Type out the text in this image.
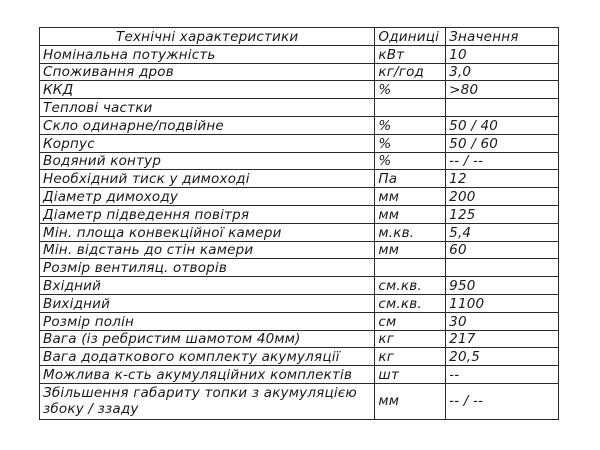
Технічні характеристики	Одиниці	Значення
Номінальна потужність	кВт	10
Споживання дров	кг/год	3,0
ККД	%	>80
Теплові частки		
Скло одинарне/подвійне	%	50 / 40
Корпус	%	50 / 60
Водяний контур	%	-- / --
Необхідний тиск у димоході	Па	12
Діаметр димоходу	мм	200
Діаметр підведення повітря	мм	125
Мін. площа конвекційної камери	м.кв.	5,4
Мін. відстань до стін камери	мм	60
Розмір вентиляц. отворів		
Вхідний	см.кв.	950
Вихідний	см.кв.	1100
Розмір полін	см	30
Вага (із ребристим шамотом 40мм)	кг	217
Вага додаткового комплекту акумуляції	кг	20,5
Можлива к-сть акумуляційних комплектів	шт	--
Збільшення габариту топки з акумуляцією збоку / ззаду	мм	-- / --
